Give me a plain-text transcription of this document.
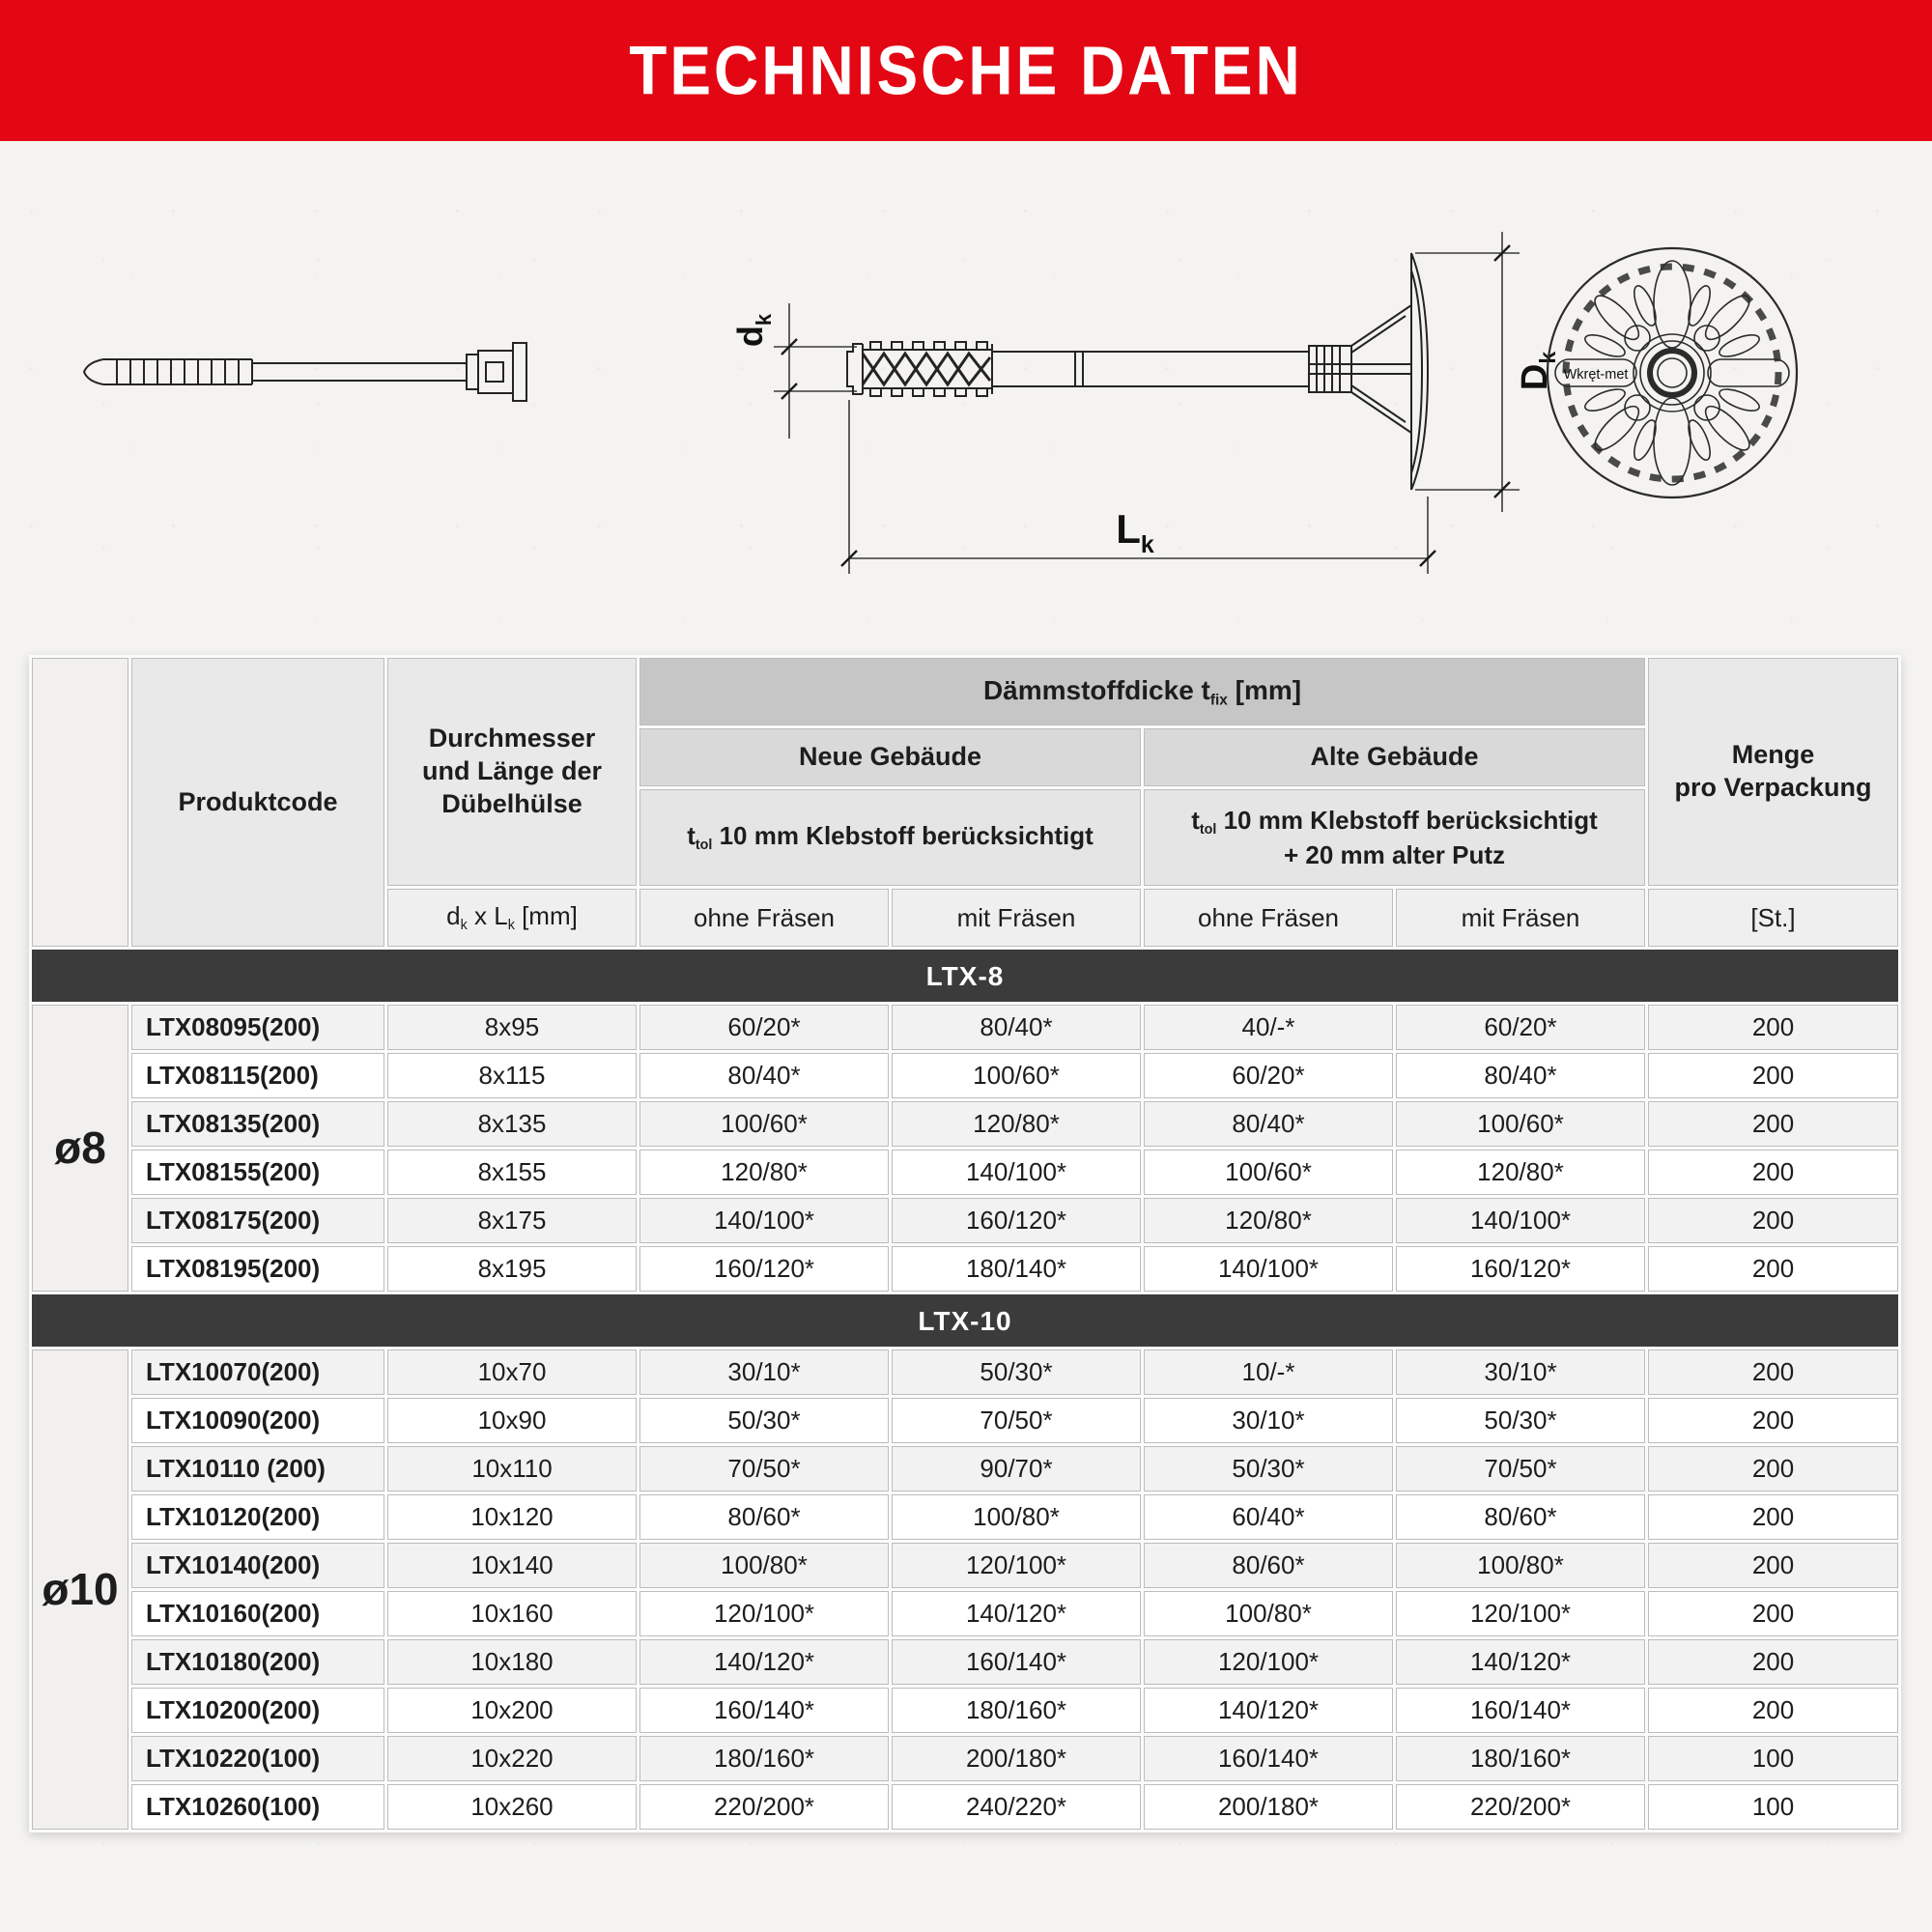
TECHNISCHE DATEN
$d_k$
$D_k$
$L_k$
Wkręt-met
	Produktcode	
Durchmesser
und Länge der
Dübelhülse
	Dämmstoffdicke tfix [mm]	
Menge
pro Verpackung

			Neue Gebäude		Alte Gebäude		
			ttol 10 mm Klebstoff berücksichtigt		ttol 10 mm Klebstoff berücksichtigt
+ 20 mm alter Putz		

		dk x Lk [mm]	ohne Fräsen	mit Fräsen	ohne Fräsen	mit Fräsen	[St.]
LTX-8							
ø8	LTX08095(200)	8x95	60/20*	80/40*	40/-*	60/20*	200
	LTX08115(200)	8x115	80/40*	100/60*	60/20*	80/40*	200
	LTX08135(200)	8x135	100/60*	120/80*	80/40*	100/60*	200
	LTX08155(200)	8x155	120/80*	140/100*	100/60*	120/80*	200
	LTX08175(200)	8x175	140/100*	160/120*	120/80*	140/100*	200
	LTX08195(200)	8x195	160/120*	180/140*	140/100*	160/120*	200
LTX-10							
ø10	LTX10070(200)	10x70	30/10*	50/30*	10/-*	30/10*	200
	LTX10090(200)	10x90	50/30*	70/50*	30/10*	50/30*	200
	LTX10110 (200)	10x110	70/50*	90/70*	50/30*	70/50*	200
	LTX10120(200)	10x120	80/60*	100/80*	60/40*	80/60*	200
	LTX10140(200)	10x140	100/80*	120/100*	80/60*	100/80*	200
	LTX10160(200)	10x160	120/100*	140/120*	100/80*	120/100*	200
	LTX10180(200)	10x180	140/120*	160/140*	120/100*	140/120*	200
	LTX10200(200)	10x200	160/140*	180/160*	140/120*	160/140*	200
	LTX10220(100)	10x220	180/160*	200/180*	160/140*	180/160*	100
	LTX10260(100)	10x260	220/200*	240/220*	200/180*	220/200*	100
